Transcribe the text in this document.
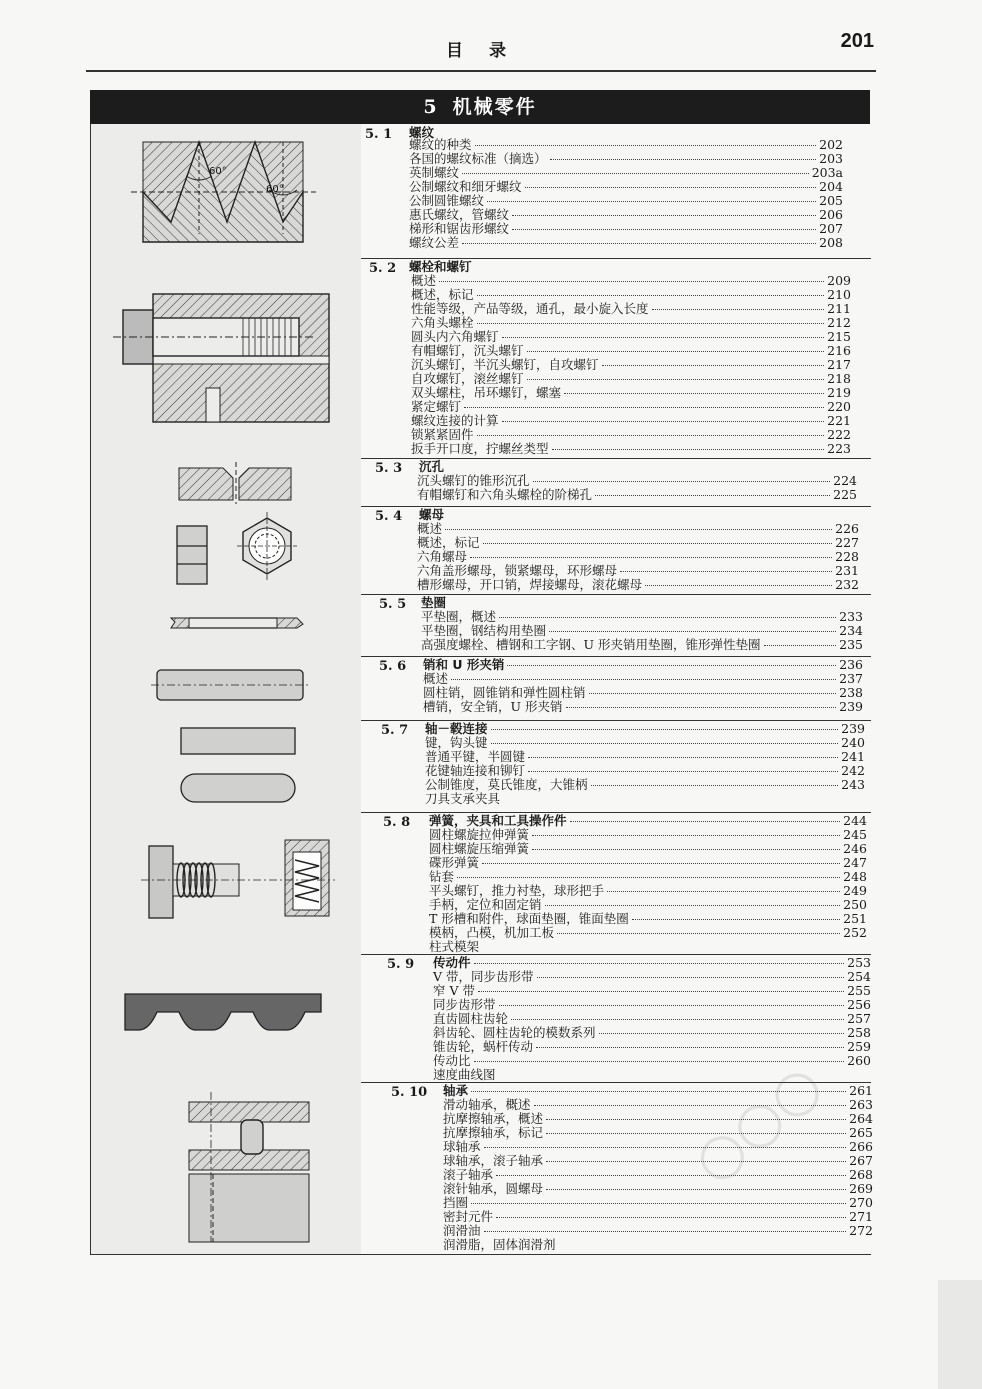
目 录	201
5 机械零件
60°
60°
5. 1 螺纹
螺纹的种类	202
各国的螺纹标准（摘选）	203
英制螺纹	203a
公制螺纹和细牙螺纹	204
公制圆锥螺纹	205
惠氏螺纹，管螺纹	206
梯形和锯齿形螺纹	207
螺纹公差	208
5. 2 螺栓和螺钉
概述	209
概述，标记	210
性能等级，产品等级，通孔，最小旋入长度	211
六角头螺栓	212
圆头内六角螺钉	215
有帽螺钉，沉头螺钉	216
沉头螺钉，半沉头螺钉，自攻螺钉	217
自攻螺钉，滚丝螺钉	218
双头螺柱，吊环螺钉，螺塞	219
紧定螺钉	220
螺纹连接的计算	221
锁紧紧固件	222
扳手开口度，拧螺丝类型	223
5. 3 沉孔
沉头螺钉的锥形沉孔	224
有帽螺钉和六角头螺栓的阶梯孔	225
5. 4 螺母
概述	226
概述，标记	227
六角螺母	228
六角盖形螺母，锁紧螺母，环形螺母	231
槽形螺母，开口销，焊接螺母，滚花螺母	232
5. 5 垫圈
平垫圈，概述	233
平垫圈，钢结构用垫圈	234
高强度螺栓、槽钢和工字钢、U 形夹销用垫圈，锥形弹性垫圈	235
5. 6 销和 U 形夹销	236
概述	237
圆柱销，圆锥销和弹性圆柱销	238
槽销，安全销，U 形夹销	239
5. 7 轴－毂连接	239
键，钩头键	240
普通平键，半圆键	241
花键轴连接和铆钉	242
公制锥度，莫氏锥度，大锥柄	243
刀具支承夹具
5. 8 弹簧，夹具和工具操作件	244
圆柱螺旋拉伸弹簧	245
圆柱螺旋压缩弹簧	246
碟形弹簧	247
钻套	248
平头螺钉，推力衬垫，球形把手	249
手柄，定位和固定销	250
T 形槽和附件，球面垫圈，锥面垫圈	251
模柄，凸模，机加工板	252
柱式模架
5. 9 传动件	253
V 带，同步齿形带	254
窄 V 带	255
同步齿形带	256
直齿圆柱齿轮	257
斜齿轮、圆柱齿轮的模数系列	258
锥齿轮，蜗杆传动	259
传动比	260
速度曲线图
5. 10 轴承	261
滑动轴承，概述	263
抗摩擦轴承，概述	264
抗摩擦轴承，标记	265
球轴承	266
球轴承，滚子轴承	267
滚子轴承	268
滚针轴承，圆螺母	269
挡圈	270
密封元件	271
润滑油	272
润滑脂，固体润滑剂
○○○
